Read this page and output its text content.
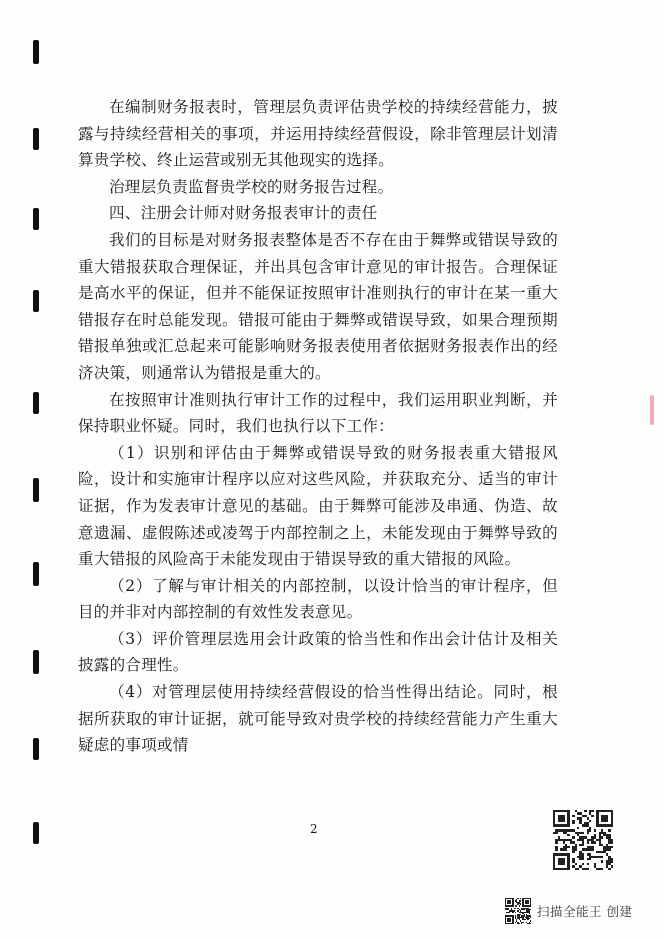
在编制财务报表时，管理层负责评估贵学校的持续经营能力，披露与持续经营相关的事项，并运用持续经营假设，除非管理层计划清算贵学校、终止运营或别无其他现实的选择。

治理层负责监督贵学校的财务报告过程。

四、注册会计师对财务报表审计的责任

我们的目标是对财务报表整体是否不存在由于舞弊或错误导致的重大错报获取合理保证，并出具包含审计意见的审计报告。合理保证是高水平的保证，但并不能保证按照审计准则执行的审计在某一重大错报存在时总能发现。错报可能由于舞弊或错误导致，如果合理预期错报单独或汇总起来可能影响财务报表使用者依据财务报表作出的经济决策，则通常认为错报是重大的。

在按照审计准则执行审计工作的过程中，我们运用职业判断，并保持职业怀疑。同时，我们也执行以下工作：

（1）识别和评估由于舞弊或错误导致的财务报表重大错报风险，设计和实施审计程序以应对这些风险，并获取充分、适当的审计证据，作为发表审计意见的基础。由于舞弊可能涉及串通、伪造、故意遗漏、虚假陈述或凌驾于内部控制之上，未能发现由于舞弊导致的重大错报的风险高于未能发现由于错误导致的重大错报的风险。

（2）了解与审计相关的内部控制，以设计恰当的审计程序，但目的并非对内部控制的有效性发表意见。

（3）评价管理层选用会计政策的恰当性和作出会计估计及相关披露的合理性。

（4）对管理层使用持续经营假设的恰当性得出结论。同时，根据所获取的审计证据，就可能导致对贵学校的持续经营能力产生重大疑虑的事项或情

2
扫描全能王 创建
